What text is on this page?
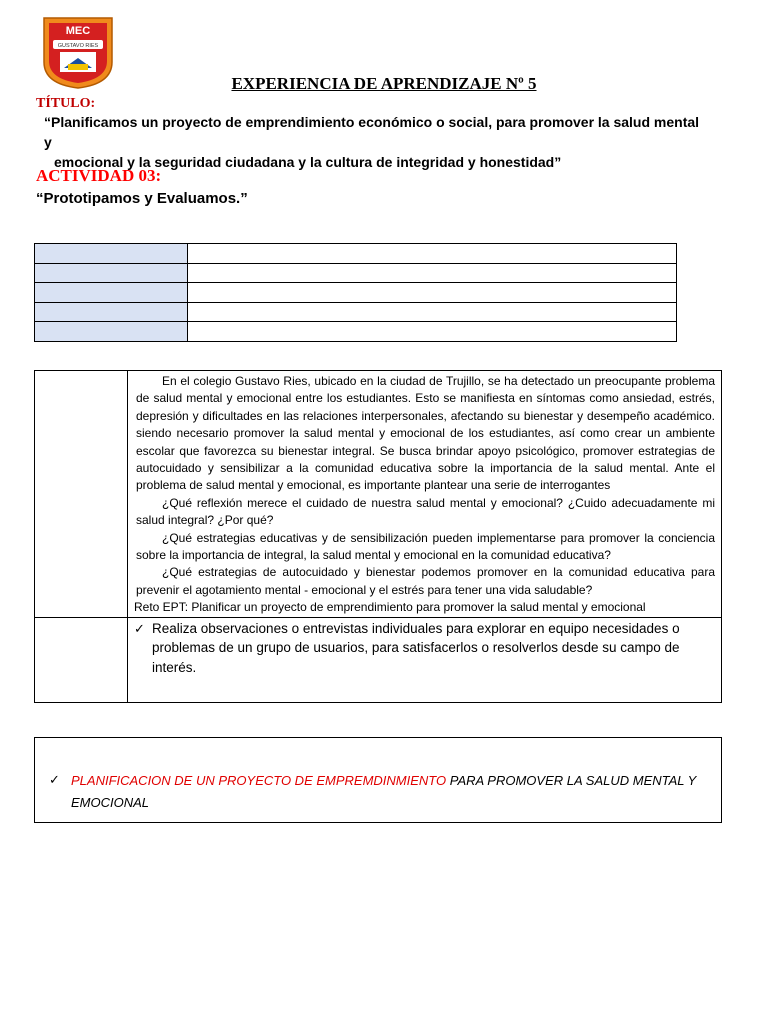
MEC
GUSTAVO RIES
EXPERIENCIA DE APRENDIZAJE Nº 5
TÍTULO:
“Planificamos un proyecto de emprendimiento económico o social, para promover la salud mental y
emocional y la seguridad ciudadana y la cultura de integridad y honestidad”
ACTIVIDAD 03:
“Prototipamos y Evaluamos.”

	En el colegio Gustavo Ries, ubicado en la ciudad de Trujillo, se ha detectado un preocupante problema de salud mental y emocional entre los estudiantes. Esto se manifiesta en síntomas como ansiedad, estrés, depresión y dificultades en las relaciones interpersonales, afectando su bienestar y desempeño académico. siendo necesario promover la salud mental y emocional de los estudiantes, así como crear un ambiente escolar que favorezca su bienestar integral. Se busca brindar apoyo psicológico, promover estrategias de autocuidado y sensibilizar a la comunidad educativa sobre la importancia de la salud mental. Ante el problema de salud mental y emocional, es importante plantear una serie de interrogantes

¿Qué reflexión merece el cuidado de nuestra salud mental y emocional? ¿Cuido adecuadamente mi salud integral? ¿Por qué?

¿Qué estrategias educativas y de sensibilización pueden implementarse para promover la conciencia sobre la importancia de integral, la salud mental y emocional en la comunidad educativa?

¿Qué estrategias de autocuidado y bienestar podemos promover en la comunidad educativa para prevenir el agotamiento mental - emocional y el estrés para tener una vida saludable?

Reto EPT: Planificar un proyecto de emprendimiento para promover la salud mental y emocional

	✓ Realiza observaciones o entrevistas individuales para explorar en equipo necesidades o problemas de un grupo de usuarios, para satisfacerlos o resolverlos desde su campo de interés.
✓ PLANIFICACION DE UN PROYECTO DE EMPREMDINMIENTO PARA PROMOVER LA SALUD MENTAL Y EMOCIONAL
